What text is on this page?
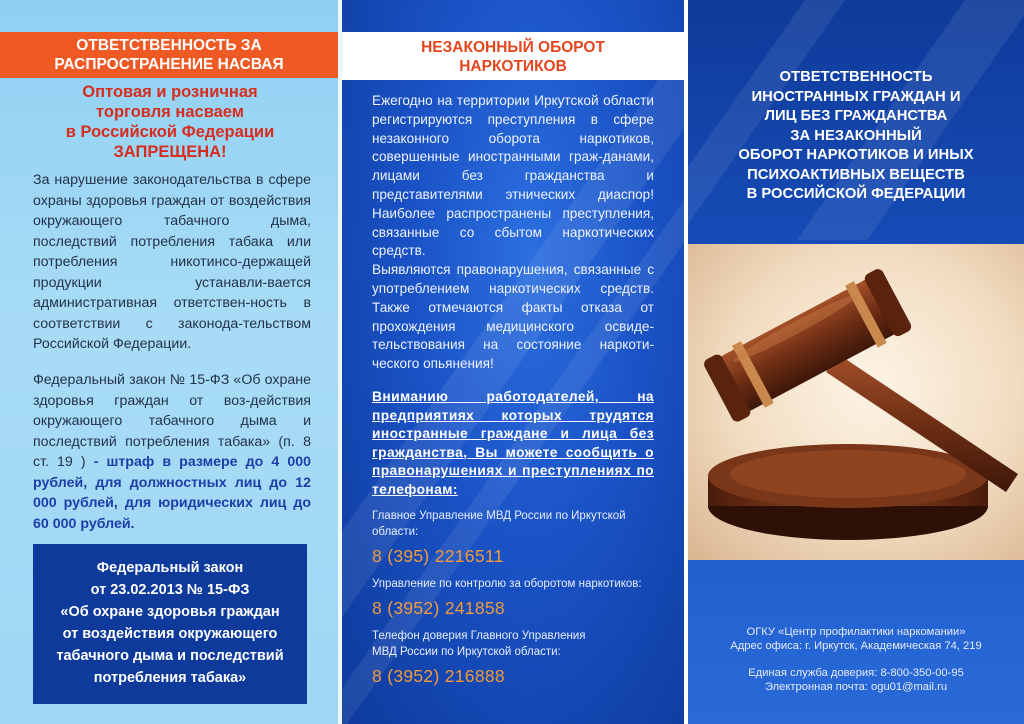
ОТВЕТСТВЕННОСТЬ ЗА
РАСПРОСТРАНЕНИЕ НАСВАЯ
Оптовая и розничная
торговля насваем
в Российской Федерации
ЗАПРЕЩЕНА!
За нарушение законодательства в сфере охраны здоровья граждан от воздействия окружающего табачного дыма, последствий потребления табака или потребления никотинсо-держащей продукции устанавли-вается административная ответствен-ность в соответствии с законода-тельством Российской Федерации.
Федеральный закон № 15-ФЗ «Об охране здоровья граждан от воз-действия окружающего табачного дыма и последствий потребления табака» (п. 8 ст. 19 ) - штраф в размере до 4 000 рублей, для должностных лиц до 12 000 рублей, для юридических лиц до 60 000 рублей.
Федеральный закон
от 23.02.2013 № 15-ФЗ
«Об охране здоровья граждан
от воздействия окружающего
табачного дыма и последствий
потребления табака»
НЕЗАКОННЫЙ ОБОРОТ
НАРКОТИКОВ
Ежегодно на территории Иркутской области регистрируются преступления в сфере незаконного оборота наркотиков, совершенные иностранными граж-данами, лицами без гражданства и представителями этнических диаспор! Наиболее распространены преступления, связанные со сбытом наркотических средств.
Выявляются правонарушения, связанные с употреблением наркотических средств. Также отмечаются факты отказа от прохождения медицинского освиде-тельствования на состояние наркоти-ческого опьянения!
Вниманию работодателей, на предприятиях которых трудятся иностранные граждане и лица без гражданства, Вы можете сообщить о правонарушениях и преступлениях по телефонам:
Главное Управление МВД России по Иркутской
области:
8 (395) 2216511
Управление по контролю за оборотом наркотиков:
8 (3952) 241858
Телефон доверия Главного Управления
МВД России по Иркутской области:
8 (3952) 216888
ОТВЕТСТВЕННОСТЬ
ИНОСТРАННЫХ ГРАЖДАН И
ЛИЦ БЕЗ ГРАЖДАНСТВА
ЗА НЕЗАКОННЫЙ
ОБОРОТ НАРКОТИКОВ И ИНЫХ
ПСИХОАКТИВНЫХ ВЕЩЕСТВ
В РОССИЙСКОЙ ФЕДЕРАЦИИ
ОГКУ «Центр профилактики наркомании»
Адрес офиса: г. Иркутск, Академическая 74, 219
Единая служба доверия: 8-800-350-00-95
Электронная почта: ogu01@mail.ru
